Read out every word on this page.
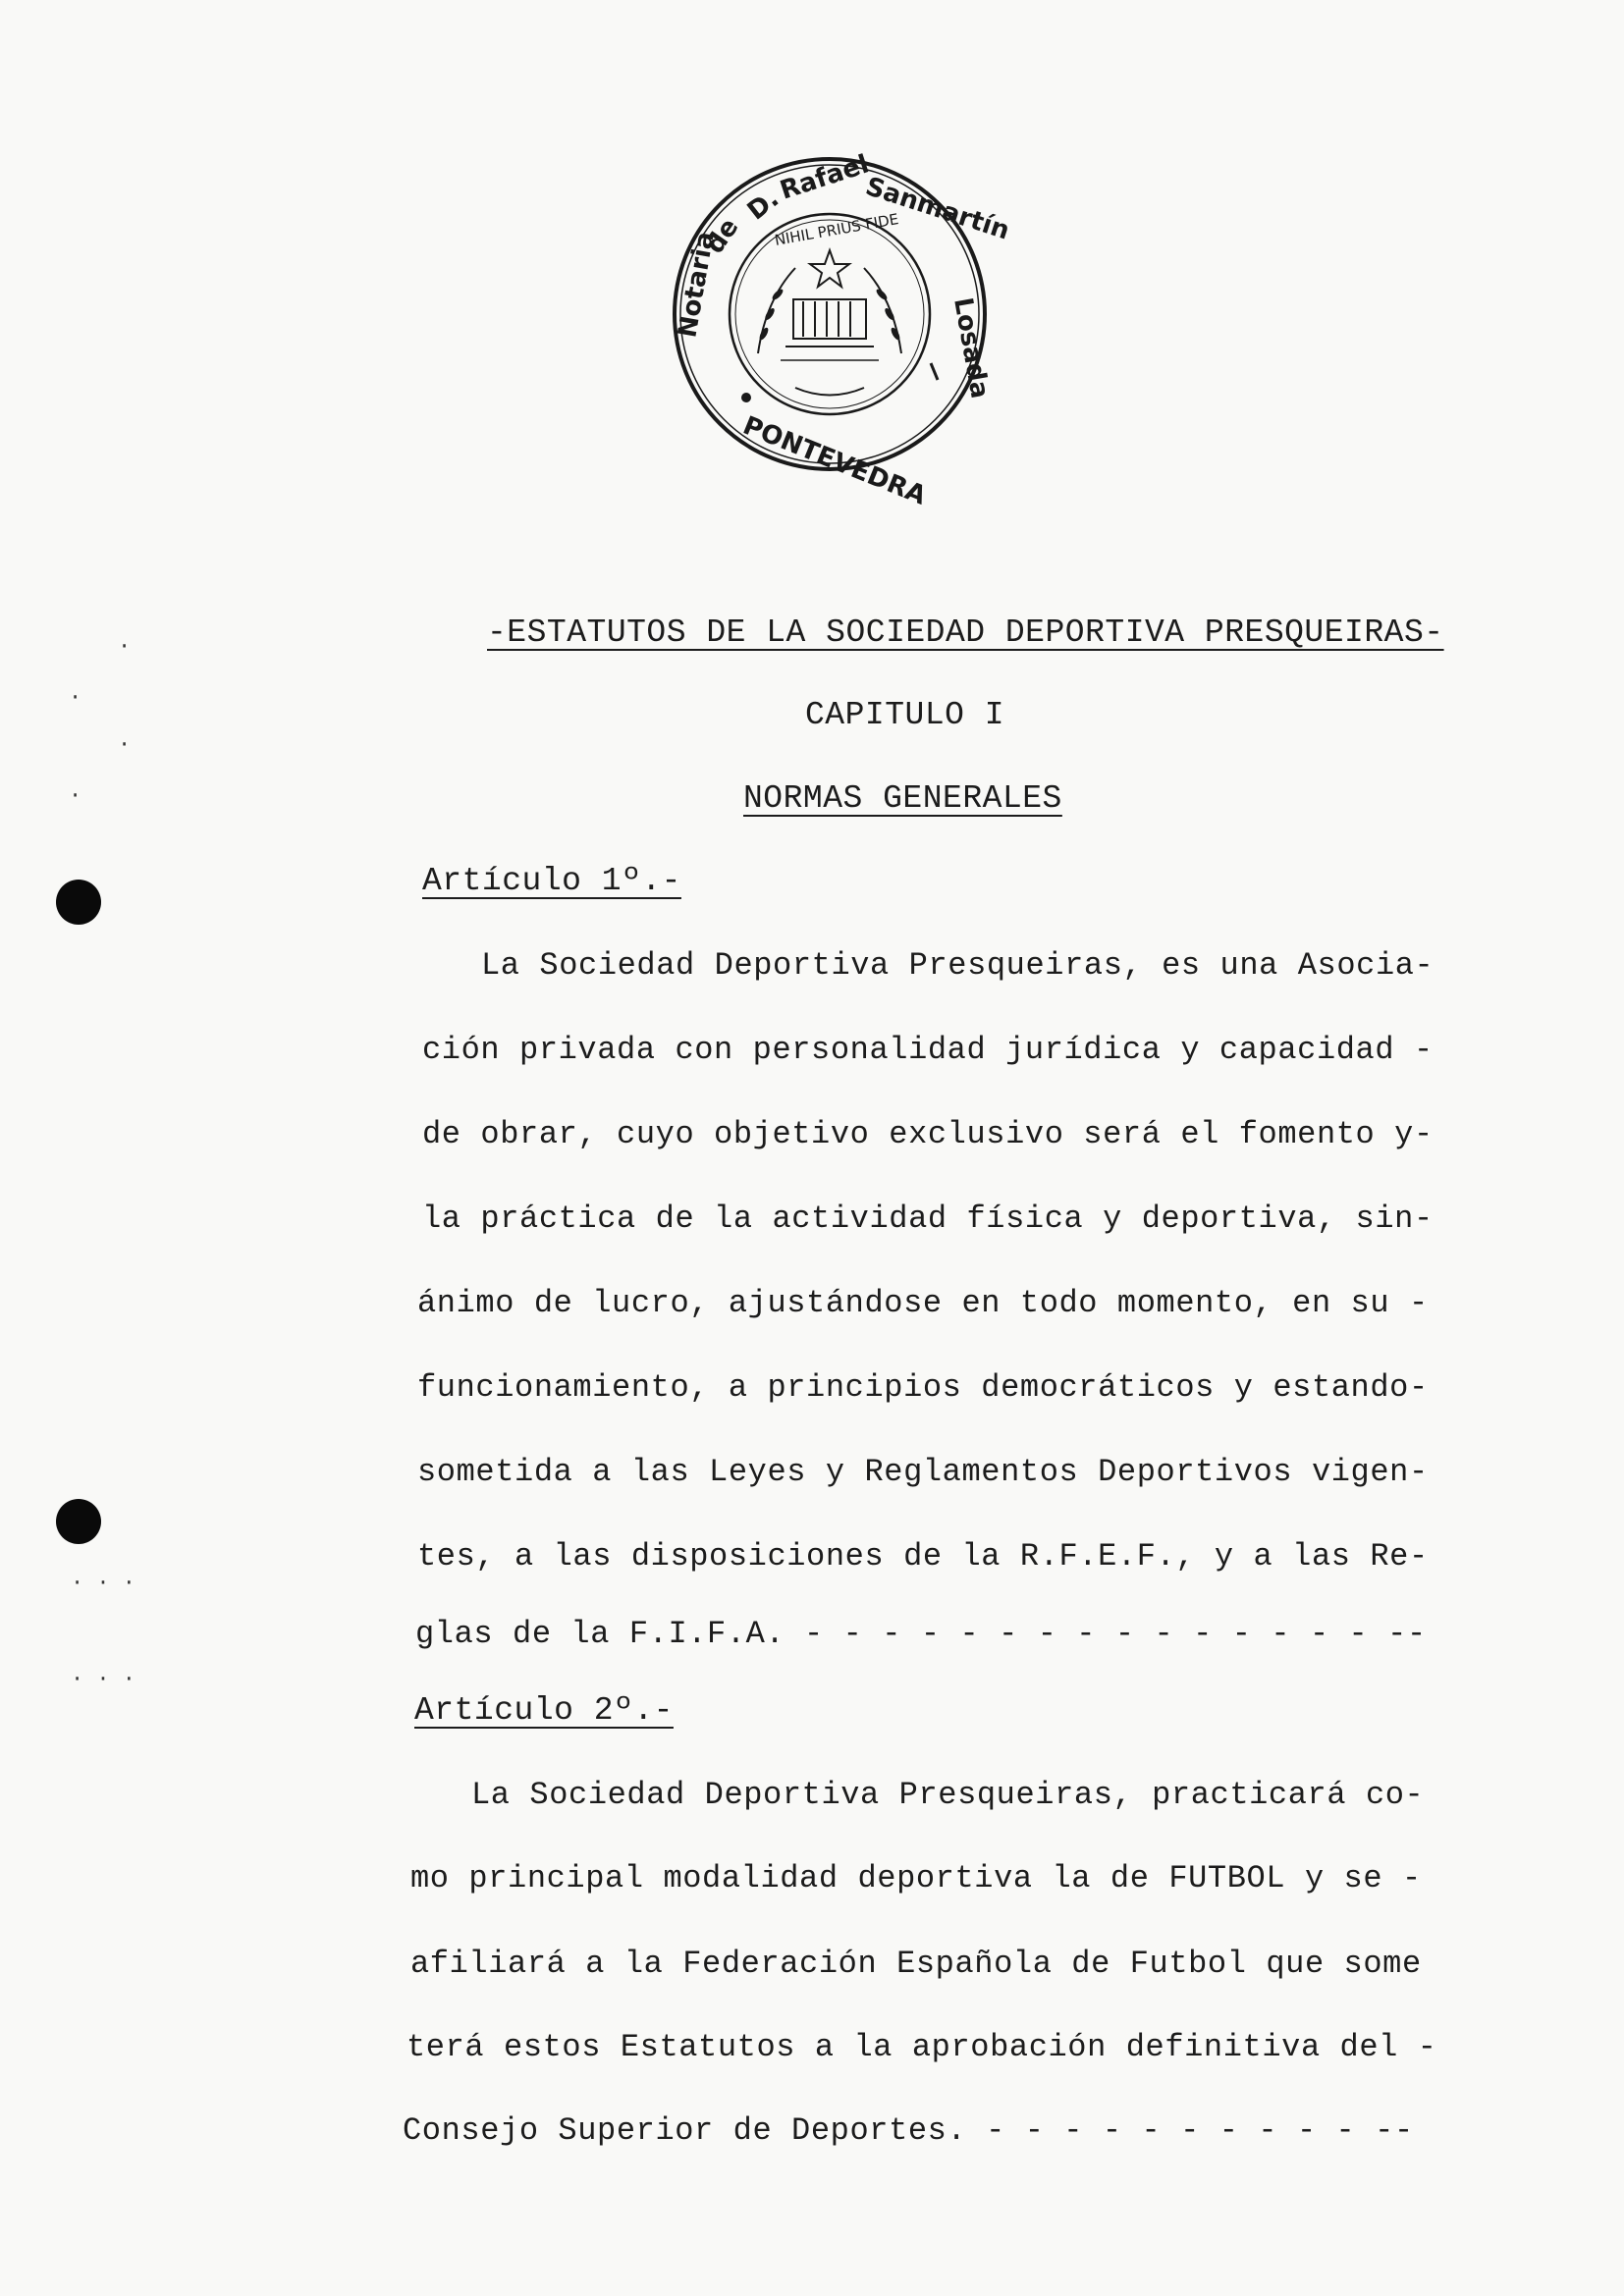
Notaria
de
D.
Rafael
Sanmartín
Losada
PONTEVEDRA
NIHIL PRIUS FIDE
·
·
·
·
· · ·
· · ·
-ESTATUTOS DE LA SOCIEDAD DEPORTIVA PRESQUEIRAS-
CAPITULO I
NORMAS GENERALES
Artículo 1º.-
La Sociedad Deportiva Presqueiras, es una Asocia-
ción privada con personalidad jurídica y capacidad -
de obrar, cuyo objetivo exclusivo será el fomento y-
la práctica de la actividad física y deportiva, sin-
ánimo de lucro, ajustándose en todo momento, en su -
funcionamiento, a principios democráticos y estando-
sometida a las Leyes y Reglamentos Deportivos vigen-
tes, a las disposiciones de la R.F.E.F., y a las Re-
glas de la F.I.F.A. - - - - - - - - - - - - - - - --
Artículo 2º.-
La Sociedad Deportiva Presqueiras, practicará co-
mo principal modalidad deportiva la de FUTBOL y se -
afiliará a la Federación Española de Futbol que some
terá estos Estatutos a la aprobación definitiva del -
Consejo Superior de Deportes. - - - - - - - - - - --
